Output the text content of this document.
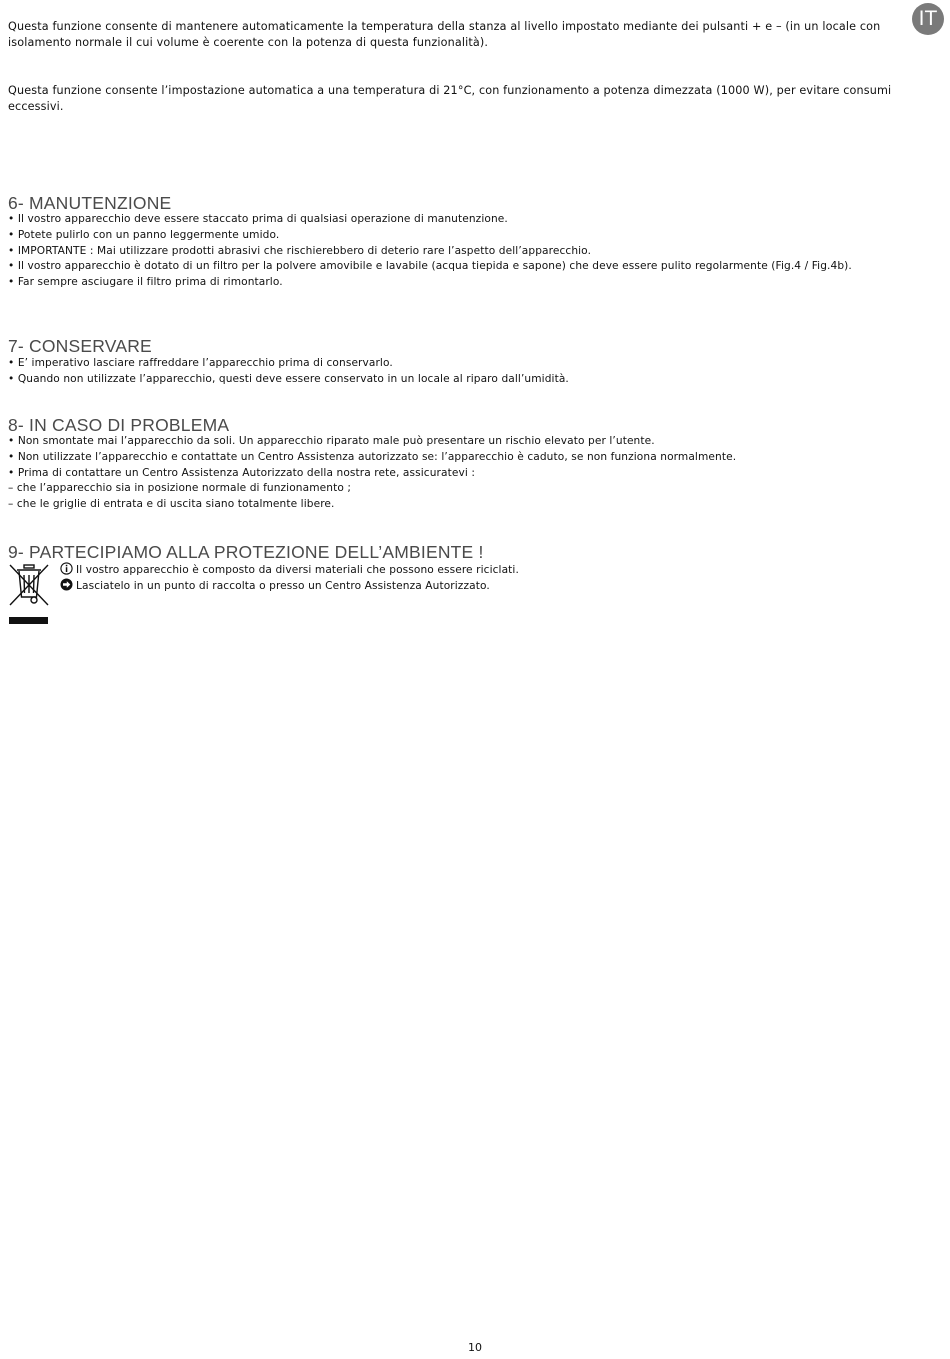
IT

Questa funzione consente di mantenere automaticamente la temperatura della stanza al livello impostato mediante dei pulsanti + e – (in un locale con isolamento normale il cui volume è coerente con la potenza di questa funzionalità).

Questa funzione consente l’impostazione automatica a una temperatura di 21°C, con funzionamento a potenza dimezzata (1000 W), per evitare consumi eccessivi.

6- MANUTENZIONE
• Il vostro apparecchio deve essere staccato prima di qualsiasi operazione di manutenzione.
• Potete pulirlo con un panno leggermente umido.
• IMPORTANTE : Mai utilizzare prodotti abrasivi che rischierebbero di deterio rare l’aspetto dell’apparecchio.
• Il vostro apparecchio è dotato di un filtro per la polvere amovibile e lavabile (acqua tiepida e sapone) che deve essere pulito regolarmente (Fig.4 / Fig.4b).
• Far sempre asciugare il filtro prima di rimontarlo.
7- CONSERVARE
• E’ imperativo lasciare raffreddare l’apparecchio prima di conservarlo.
• Quando non utilizzate l’apparecchio, questi deve essere conservato in un locale al riparo dall’umidità.
8- IN CASO DI PROBLEMA
• Non smontate mai l’apparecchio da soli. Un apparecchio riparato male può presentare un rischio elevato per l’utente.
• Non utilizzate l’apparecchio e contattate un Centro Assistenza autorizzato se: l’apparecchio è caduto, se non funziona normalmente.
• Prima di contattare un Centro Assistenza Autorizzato della nostra rete, assicuratevi :
– che l’apparecchio sia in posizione normale di funzionamento ;
– che le griglie di entrata e di uscita siano totalmente libere.
9- PARTECIPIAMO ALLA PROTEZIONE DELL’AMBIENTE !
Il vostro apparecchio è composto da diversi materiali che possono essere riciclati.
Lasciatelo in un punto di raccolta o presso un Centro Assistenza Autorizzato.
10
